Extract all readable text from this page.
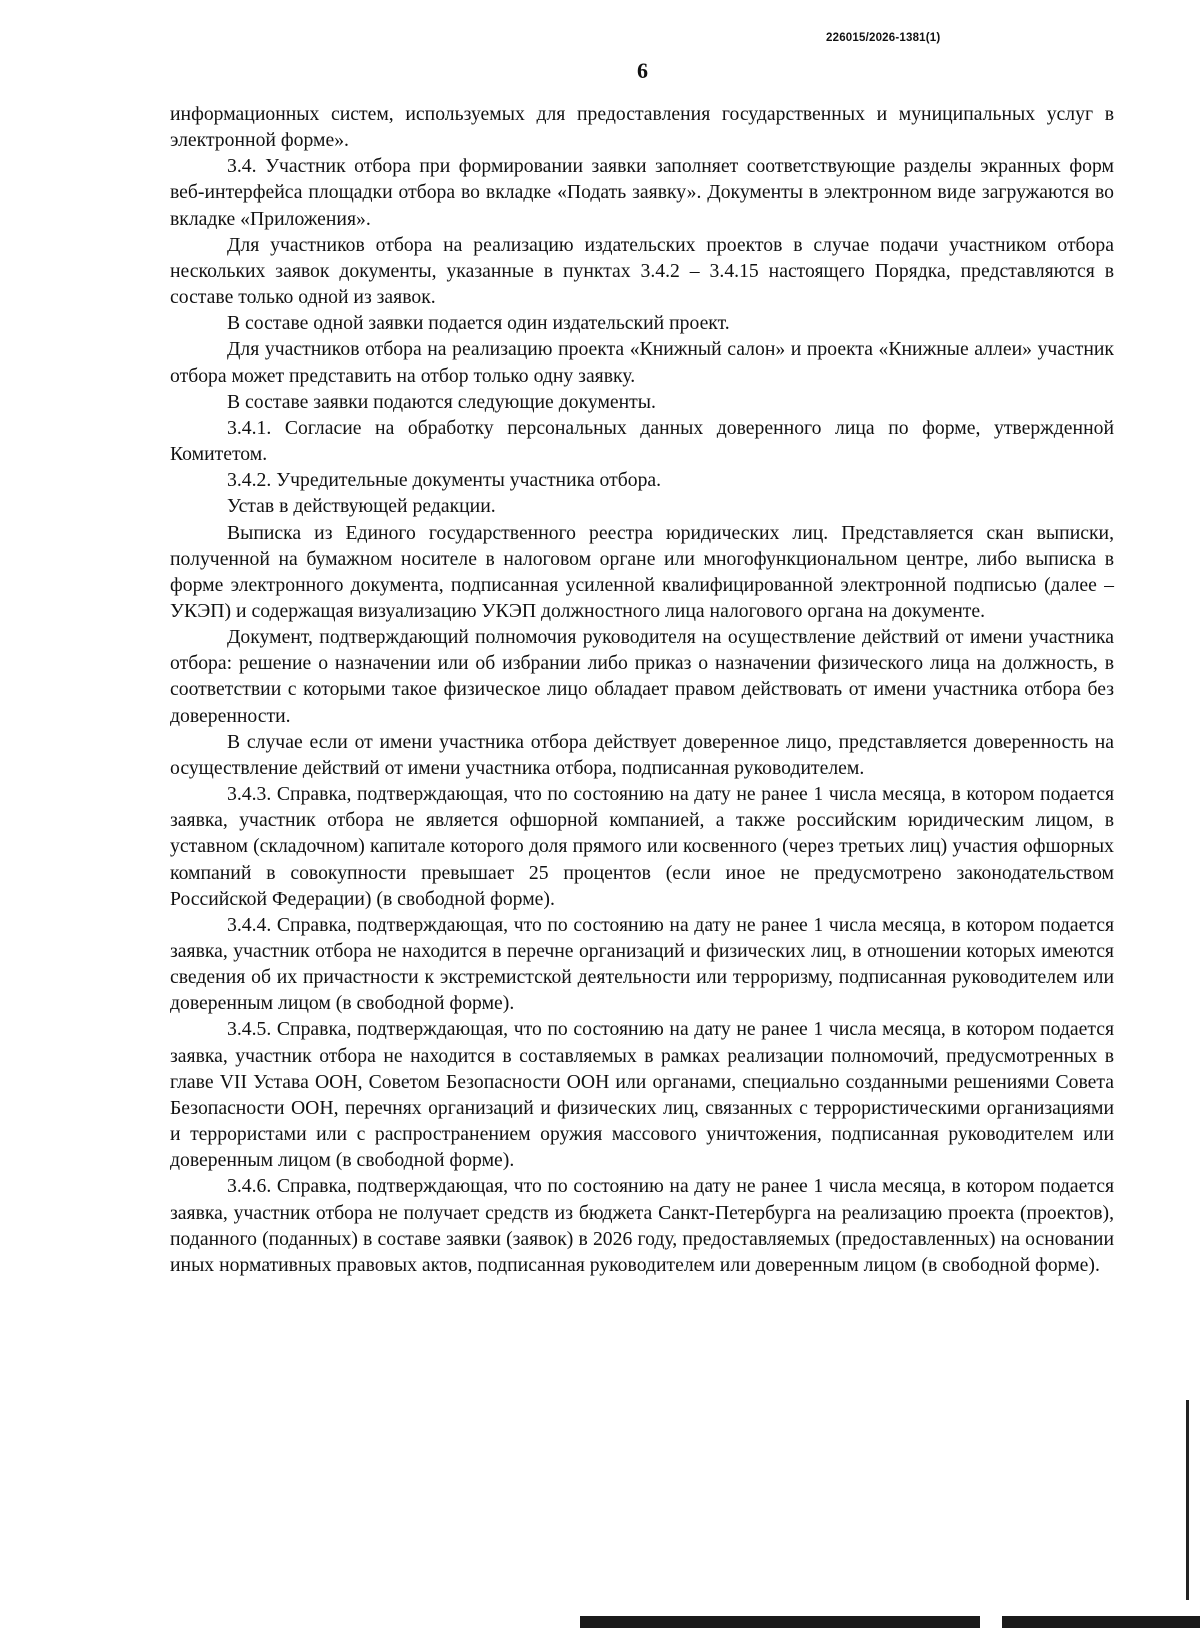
226015/2026-1381(1)
6

информационных систем, используемых для предоставления государственных и муниципальных услуг в электронной форме».

3.4. Участник отбора при формировании заявки заполняет соответствующие разделы экранных форм веб-интерфейса площадки отбора во вкладке «Подать заявку». Документы в электронном виде загружаются во вкладке «Приложения».

Для участников отбора на реализацию издательских проектов в случае подачи участником отбора нескольких заявок документы, указанные в пунктах 3.4.2 – 3.4.15 настоящего Порядка, представляются в составе только одной из заявок.

В составе одной заявки подается один издательский проект.

Для участников отбора на реализацию проекта «Книжный салон» и проекта «Книжные аллеи» участник отбора может представить на отбор только одну заявку.

В составе заявки подаются следующие документы.

3.4.1. Согласие на обработку персональных данных доверенного лица по форме, утвержденной Комитетом.

3.4.2. Учредительные документы участника отбора.

Устав в действующей редакции.

Выписка из Единого государственного реестра юридических лиц. Представляется скан выписки, полученной на бумажном носителе в налоговом органе или многофункциональном центре, либо выписка в форме электронного документа, подписанная усиленной квалифицированной электронной подписью (далее – УКЭП) и содержащая визуализацию УКЭП должностного лица налогового органа на документе.

Документ, подтверждающий полномочия руководителя на осуществление действий от имени участника отбора: решение о назначении или об избрании либо приказ о назначении физического лица на должность, в соответствии с которыми такое физическое лицо обладает правом действовать от имени участника отбора без доверенности.

В случае если от имени участника отбора действует доверенное лицо, представляется доверенность на осуществление действий от имени участника отбора, подписанная руководителем.

3.4.3. Справка, подтверждающая, что по состоянию на дату не ранее 1 числа месяца, в котором подается заявка, участник отбора не является офшорной компанией, а также российским юридическим лицом, в уставном (складочном) капитале которого доля прямого или косвенного (через третьих лиц) участия офшорных компаний в совокупности превышает 25 процентов (если иное не предусмотрено законодательством Российской Федерации) (в свободной форме).

3.4.4. Справка, подтверждающая, что по состоянию на дату не ранее 1 числа месяца, в котором подается заявка, участник отбора не находится в перечне организаций и физических лиц, в отношении которых имеются сведения об их причастности к экстремистской деятельности или терроризму, подписанная руководителем или доверенным лицом (в свободной форме).

3.4.5. Справка, подтверждающая, что по состоянию на дату не ранее 1 числа месяца, в котором подается заявка, участник отбора не находится в составляемых в рамках реализации полномочий, предусмотренных в главе VII Устава ООН, Советом Безопасности ООН или органами, специально созданными решениями Совета Безопасности ООН, перечнях организаций и физических лиц, связанных с террористическими организациями и террористами или с распространением оружия массового уничтожения, подписанная руководителем или доверенным лицом (в свободной форме).

3.4.6. Справка, подтверждающая, что по состоянию на дату не ранее 1 числа месяца, в котором подается заявка, участник отбора не получает средств из бюджета Санкт-Петербурга на реализацию проекта (проектов), поданного (поданных) в составе заявки (заявок) в 2026 году, предоставляемых (предоставленных) на основании иных нормативных правовых актов, подписанная руководителем или доверенным лицом (в свободной форме).
